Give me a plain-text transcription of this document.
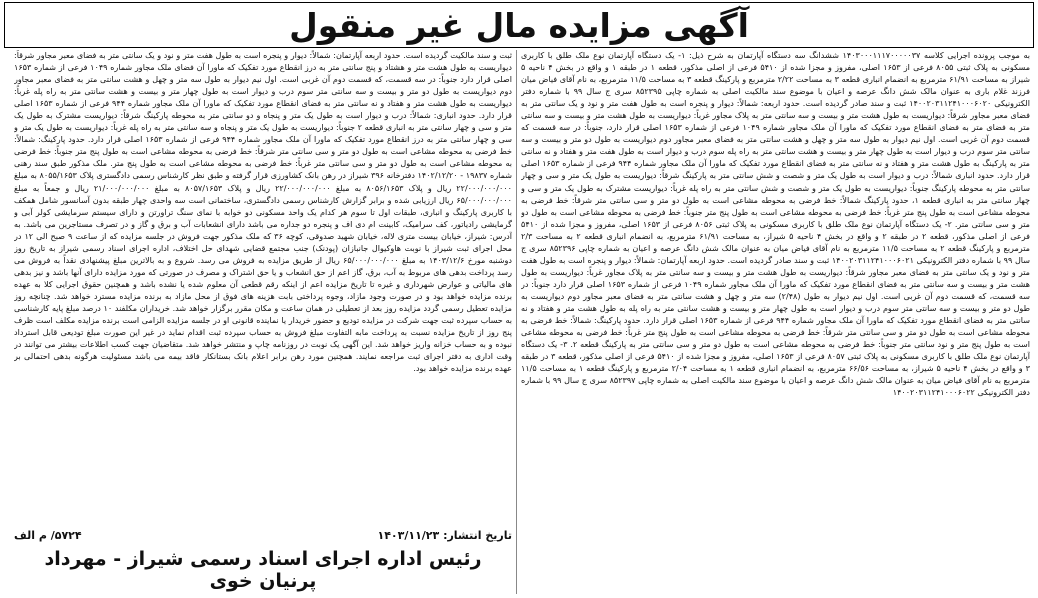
آگهی مزایده مال غیر منقول
به موجب پرونده اجرایی کلاسه ۱۴۰۳۰۰۰۱۱۱۷۰۰۰۰۰۳۷ ششدانگ سه دستگاه آپارتمان به شرح ذیل: ۱- یک دستگاه آپارتمان نوع ملک طلق با کاربری مسکونی به پلاک ثبتی ۸۰۵۵ فرعی از ۱۶۵۳ اصلی، مفروز و مجزا شده از ۵۴۱۰ فرعی از اصلی مذکور، قطعه ۱ در طبقه ۱ و واقع در بخش ۴ ناحیه ۵ شیراز به مساحت ۶۱/۹۱ مترمربع به انضمام انباری قطعه ۳ به مساحت ۲/۲۲ مترمربع و پارکینگ قطعه ۳ به مساحت ۱۱/۵ مترمربع، به نام آقای فیاض میان فرزند غلام باری به عنوان مالک شش دانگ عرصه و اعیان با موضوع سند مالکیت اصلی به شماره چاپی ۸۵۲۳۹۵ سری ج سال ۹۹ با شماره دفتر الکترونیکی ۱۴۰۰۲۰۳۱۱۲۴۱۰۰۰۶۰۲۰ ثبت و سند صادر گردیده است. حدود اربعه: شمالاً: دیوار و پنجره است به طول هفت متر و نود و یک سانتی متر به فضای معبر مجاور شرقاً: دیواریست به طول هشت متر و بیست و سه سانتی متر به پلاک مجاور غرباً: دیواریست به طول هشت متر و بیست و سه سانتی متر به فضای متر به فضای انقطاع مورد تفکیک که ماورا آن ملک مجاور شماره ۱۰۴۹ فرعی از شماره ۱۶۵۳ اصلی قرار دارد، جنوباً: در سه قسمت که قسمت دوم آن غربی است. اول نیم دیوار به طول سه متر و چهل و هشت سانتی متر به فضای معبر مجاور دوم دیواریست به طول دو متر و بیست و سه سانتی متر سوم درب و دیوار است به طول چهار متر و بیست و هشت سانتی متر به راه پله سوم درب و دیوار است به طول هفت متر و هفتاد و نه سانتی متر به پارکینگ به طول هشت متر و هفتاد و نه سانتی متر به فضای انقطاع مورد تفکیک که ماورا آن ملک مجاور شماره ۹۴۴ فرعی از شماره ۱۶۵۳ اصلی قرار دارد. حدود انباری شمالاً: درب و دیوار است به طول یک متر و شصت و شش سانتی متر به پارکینگ شرقاً: دیواریست به طول یک متر و سی و چهار سانتی متر به محوطه پارکینگ جنوباً: دیواریست به طول یک متر و شصت و شش سانتی متر به راه پله غرباً: دیواریست مشترک به طول یک متر و سی و چهار سانتی متر به انباری قطعه ۱، حدود پارکینگ شمالاً: خط فرضی به محوطه مشاعی است به طول دو متر و سی سانتی متر شرقاً: خط فرضی به محوطه مشاعی است به طول پنج متر غرباً: خط فرضی به محوطه مشاعی است به طول پنج متر جنوباً: خط فرضی به محوطه مشاعی است به طول دو متر و سی سانتی متر. ۲- یک دستگاه آپارتمان نوع ملک طلق با کاربری مسکونی به پلاک ثبتی ۸۰۵۶ فرعی از ۱۶۵۳ اصلی، مفروز و مجزا شده از ۵۴۱۰ فرعی از اصلی مذکور، قطعه ۲ در طبقه ۲ و واقع در بخش ۴ ناحیه ۵ شیراز، به مساحت ۶۱/۹۱ مترمربع، به انضمام انباری قطعه ۲ به مساحت ۲/۳ مترمربع و پارکینگ قطعه ۲ به مساحت ۱۱/۵ مترمربع به نام آقای فیاض میان به عنوان مالک شش دانگ عرصه و اعیان به شماره چاپی ۸۵۲۳۹۶ سری ج سال ۹۹ با شماره دفتر الکترونیکی ۱۴۰۰۲۰۳۱۱۲۴۱۰۰۰۶۰۲۱ ثبت و سند صادر گردیده است. حدود اربعه آپارتمان: شمالاً: دیوار و پنجره است به طول هفت متر و نود و یک سانتی متر به فضای معبر مجاور شرقاً: دیواریست به طول هشت متر و بیست و سه سانتی متر به پلاک مجاور غرباً: دیواریست به طول هشت متر و بیست و سه سانتی متر به فضای انقطاع مورد تفکیک که ماورا آن ملک مجاور شماره ۱۰۴۹ فرعی از شماره ۱۶۵۳ اصلی قرار دارد جنوباً: در سه قسمت، که قسمت دوم آن غربی است. اول نیم دیوار به طول (۲/۴۸) سه متر و چهل و هشت سانتی متر به فضای معبر مجاور دوم دیواریست به طول دو متر و بیست و سه سانتی متر سوم درب و دیوار است به طول چهار متر و بیست و هشت سانتی متر به راه پله به طول هشت متر و هفتاد و نه سانتی متر به فضای انقطاع مورد تفکیک که ماورا آن ملک مجاور شماره ۹۴۴ فرعی از شماره ۱۶۵۳ اصلی قرار دارد. حدود پارکینگ: شمالاً: خط فرضی به محوطه مشاعی است به طول دو متر و سی سانتی متر شرقاً: خط فرضی به محوطه مشاعی است به طول پنج متر غرباً: خط فرضی به محوطه مشاعی است به طول پنج متر و نود سانتی متر جنوباً: خط فرضی به محوطه مشاعی است به طول دو متر و سی سانتی متر به پارکینگ قطعه ۲. ۳- یک دستگاه آپارتمان نوع ملک طلق با کاربری مسکونی به پلاک ثبتی ۸۰۵۷ فرعی از ۱۶۵۳ اصلی، مفروز و مجزا شده از ۵۴۱۰ فرعی از اصلی مذکور، قطعه ۳ در طبقه ۳ و واقع در بخش ۴ ناحیه ۵ شیراز، به مساحت ۶۶/۵۶ مترمربع، به انضمام انباری قطعه ۱ به مساحت ۲/۰۴ مترمربع و پارکینگ قطعه ۱ به مساحت ۱۱/۵ مترمربع به نام آقای فیاض میان به عنوان مالک شش دانگ عرصه و اعیان با موضوع سند مالکیت اصلی به شماره چاپی ۸۵۲۳۹۷ سری ج سال ۹۹ با شماره دفتر الکترونیکی ۱۴۰۰۲۰۳۱۱۲۴۱۰۰۰۶۰۲۲
ثبت و سند مالکیت گردیده است. حدود اربعه آپارتمان: شمالاً: دیوار و پنجره است به طول هفت متر و نود و یک سانتی متر به فضای معبر مجاور شرقاً: دیواریست به طول هشت متر و هشتاد و پنج سانتی متر به درز انقطاع مورد تفکیک که ماورا آن فضای ملک مجاور شماره ۱۰۴۹ فرعی از شماره ۱۶۵۳ اصلی قرار دارد جنوباً: در سه قسمت، که قسمت دوم آن غربی است. اول نیم دیوار به طول سه متر و چهل و هشت سانتی متر به فضای معبر مجاور دوم دیواریست به طول دو متر و بیست و سه سانتی متر سوم درب و دیوار است به طول چهار متر و بیست و هشت سانتی متر به راه پله غرباً: دیواریست به طول هشت متر و هفتاد و نه سانتی متر به فضای انقطاع مورد تفکیک که ماورا آن ملک مجاور شماره ۹۴۴ فرعی از شماره ۱۶۵۳ اصلی قرار دارد. حدود انباری: شمالاً: درب و دیوار است به طول یک متر و پنجاه و دو سانتی متر به محوطه پارکینگ شرقاً: دیواریست مشترک به طول یک متر و سی و چهار سانتی متر به انباری قطعه ۲ جنوباً: دیواریست به طول یک متر و پنجاه و سه سانتی متر به راه پله غرباً: دیواریست به طول یک متر و سی و چهار سانتی متر به درز انقطاع مورد تفکیک که ماورا آن ملک مجاور شماره ۹۴۴ فرعی از شماره ۱۶۵۳ اصلی قرار دارد. حدود پارکینگ: شمالاً: خط فرضی به محوطه مشاعی است به طول دو متر و سی سانتی متر شرقاً: خط فرضی به محوطه مشاعی است به طول پنج متر جنوباً: خط فرضی به محوطه مشاعی است به طول دو متر و سی سانتی متر غرباً: خط فرضی به محوطه مشاعی است به طول پنج متر. ملک مذکور طبق سند رهنی شماره ۱۹۸۳۷ - ۱۴۰۲/۱۲/۲۰ دفترخانه ۳۹۶ شیراز در رهن بانک کشاورزی قرار گرفته و طبق نظر کارشناس رسمی دادگستری پلاک ۸۰۵۵/۱۶۵۳ به مبلغ ۲۲/۰۰۰/۰۰۰/۰۰۰ ریال و پلاک ۸۰۵۶/۱۶۵۳ به مبلغ ۲۲/۰۰۰/۰۰۰/۰۰۰ ریال و پلاک ۸۰۵۷/۱۶۵۳ به مبلغ ۲۱/۰۰۰/۰۰۰/۰۰۰ ریال و جمعاً به مبلغ ۶۵/۰۰۰/۰۰۰/۰۰۰ ریال ارزیابی شده و برابر گزارش کارشناس رسمی دادگستری، ساختمانی است سه واحدی چهار طبقه بدون آسانسور شامل همکف با کاربری پارکینگ و انباری، طبقات اول تا سوم هر کدام یک واحد مسکونی دو خوابه با نمای سنگ تراورتن و دارای سیستم سرمایشی کولر آبی و گرمایشی رادیاتور، کف سرامیک، کابینت ام دی اف و پنجره دو جداره می باشد دارای انشعابات آب و برق و گاز و در تصرف مستاجرین می باشد. به آدرس: شیراز، خیابان بیست متری لاله، خیابان شهید صدوقی، کوچه ۳۶ که ملک مذکور جهت فروش در جلسه مزایده که از ساعت ۹ صبح الی ۱۲ در محل اجرای ثبت شیراز با نوبت هاوکیوال جانبازان (پودنک) جنب مجتمع قضایی شهدای حل اختلاف، اداره اجرای اسناد رسمی شیراز به تاریخ روز دوشنبه مورخ ۱۴۰۳/۱۲/۶ به مبلغ ۶۵/۰۰۰/۰۰۰/۰۰۰ ریال از طریق مزایده به فروش می رسد. شروع و به بالاترین مبلغ پیشنهادی نقداً به فروش می رسد پرداخت بدهی های مربوط به آب، برق، گاز اعم از حق انشعاب و یا حق اشتراک و مصرف در صورتی که مورد مزایده دارای آنها باشد و نیز بدهی های مالیاتی و عوارض شهرداری و غیره تا تاریخ مزایده اعم از اینکه رقم قطعی آن معلوم شده یا نشده باشد و همچنین حقوق اجرایی کلا به عهده برنده مزایده خواهد بود و در صورت وجود مازاد، وجوه پرداختی بابت هزینه های فوق از محل مازاد به برنده مزایده مسترد خواهد شد. چنانچه روز مزایده تعطیل رسمی گردد مزایده روز بعد از تعطیلی در همان ساعت و مکان مقرر برگزار خواهد شد. خریداران مکلفند ۱۰ درصد مبلغ پایه کارشناسی به حساب سپرده ثبت جهت شرکت در مزایده تودیع و حضور خریدار یا نماینده قانونی او در جلسه مزایده الزامی است برنده مزایده مکلف است ظرف پنج روز از تاریخ مزایده نسبت به پرداخت مابه التفاوت مبلغ فروش به حساب سپرده ثبت اقدام نماید در غیر این صورت مبلغ تودیعی قابل استرداد نبوده و به حساب خزانه واریز خواهد شد. این آگهی یک نوبت در روزنامه چاپ و منتشر خواهد شد. متقاضیان جهت کسب اطلاعات بیشتر می توانند در وقت اداری به دفتر اجرای ثبت مراجعه نمایند. همچنین مورد رهن برابر اعلام بانک بستانکار فاقد بیمه می باشد مسئولیت هرگونه بدهی احتمالی بر عهده برنده مزایده خواهد بود.
تاریخ انتشار: ۱۴۰۳/۱۱/۲۳
۵۷۲۴/ م الف
رئیس اداره اجرای اسناد رسمی شیراز - مهرداد پرنیان خوی
